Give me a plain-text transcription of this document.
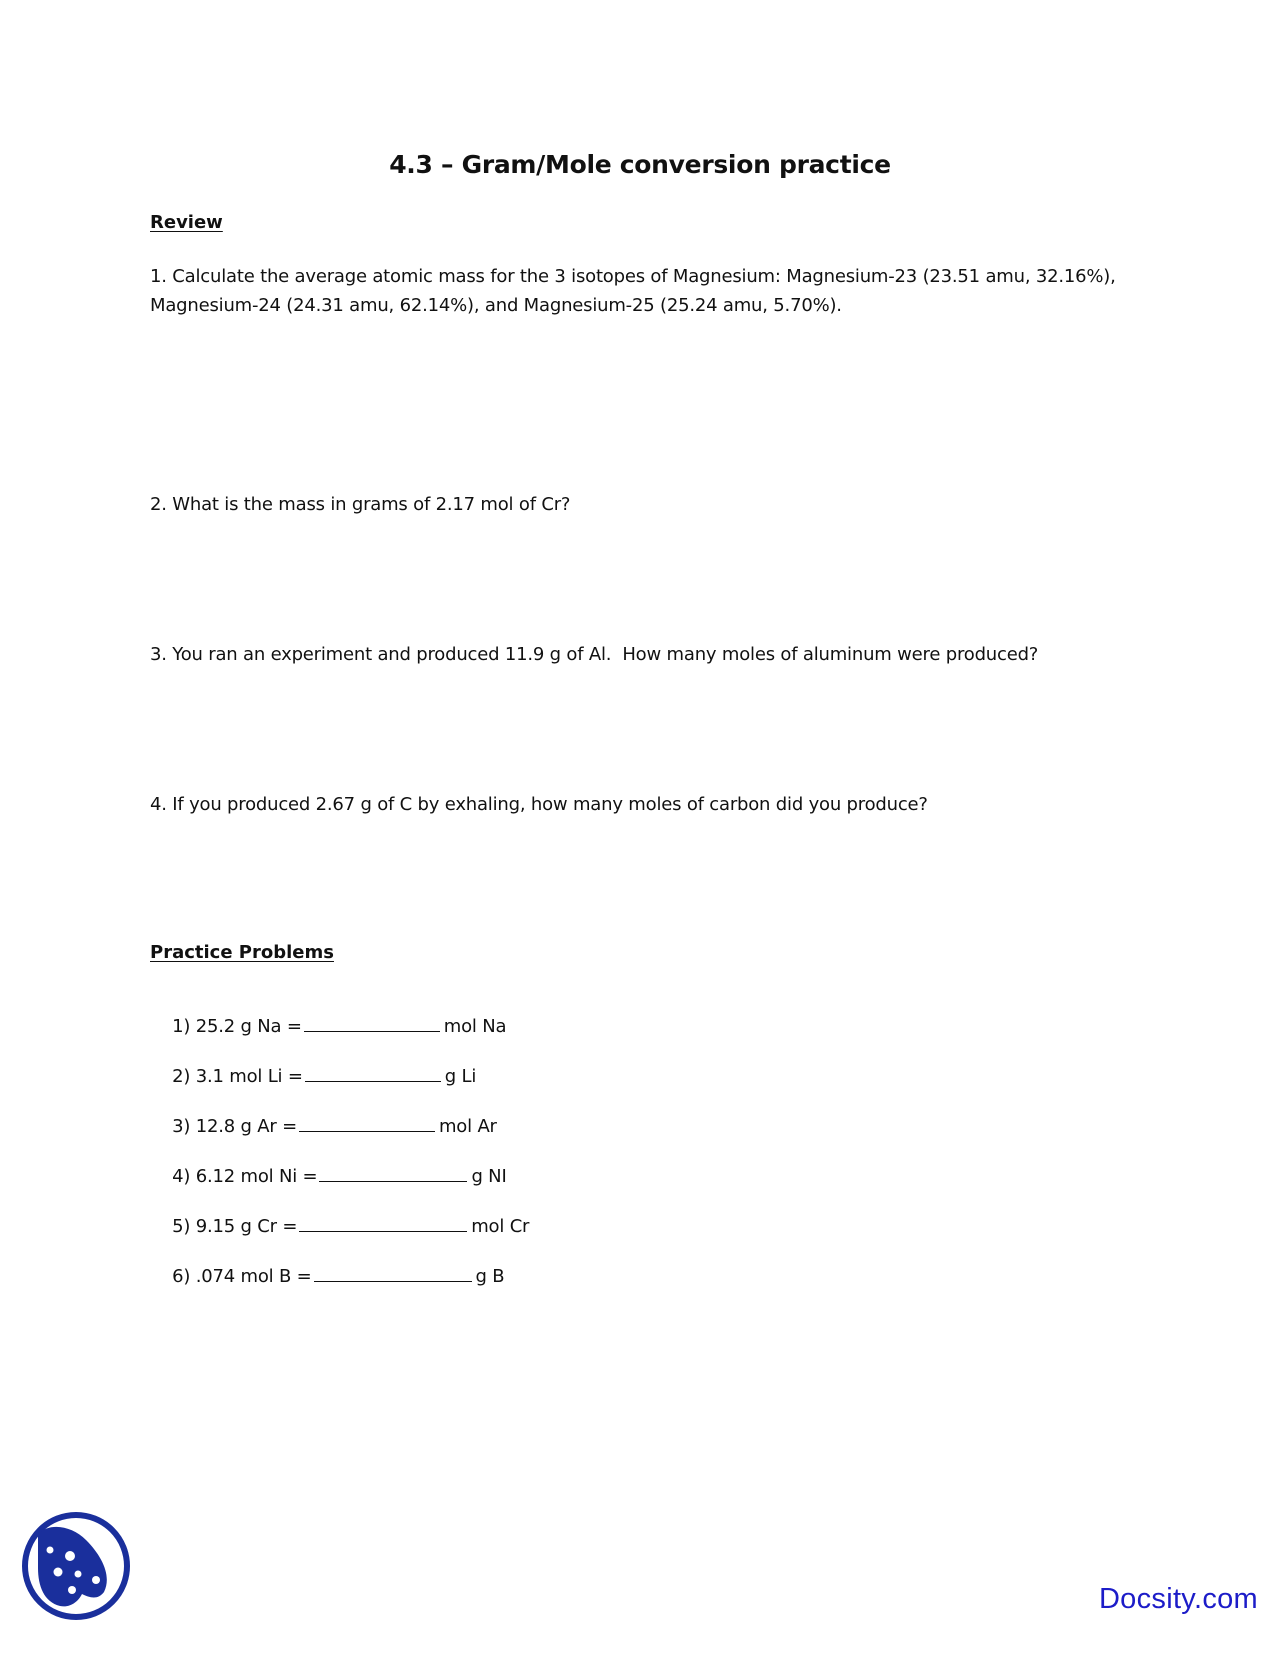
4.3 – Gram/Mole conversion practice
Review
1. Calculate the average atomic mass for the 3 isotopes of Magnesium: Magnesium-23 (23.51 amu, 32.16%),
Magnesium-24 (24.31 amu, 62.14%), and Magnesium-25 (25.24 amu, 5.70%).
2. What is the mass in grams of 2.17 mol of Cr?
3. You ran an experiment and produced 11.9 g of Al.  How many moles of aluminum were produced?
4. If you produced 2.67 g of C by exhaling, how many moles of carbon did you produce?
Practice Problems

1) 25.2 g Na =	mol Na

2) 3.1 mol Li =	g Li

3) 12.8 g Ar =	mol Ar

4) 6.12 mol Ni =	g NI

5) 9.15 g Cr =	mol Cr

6) .074 mol B =	g B

Docsity.com
